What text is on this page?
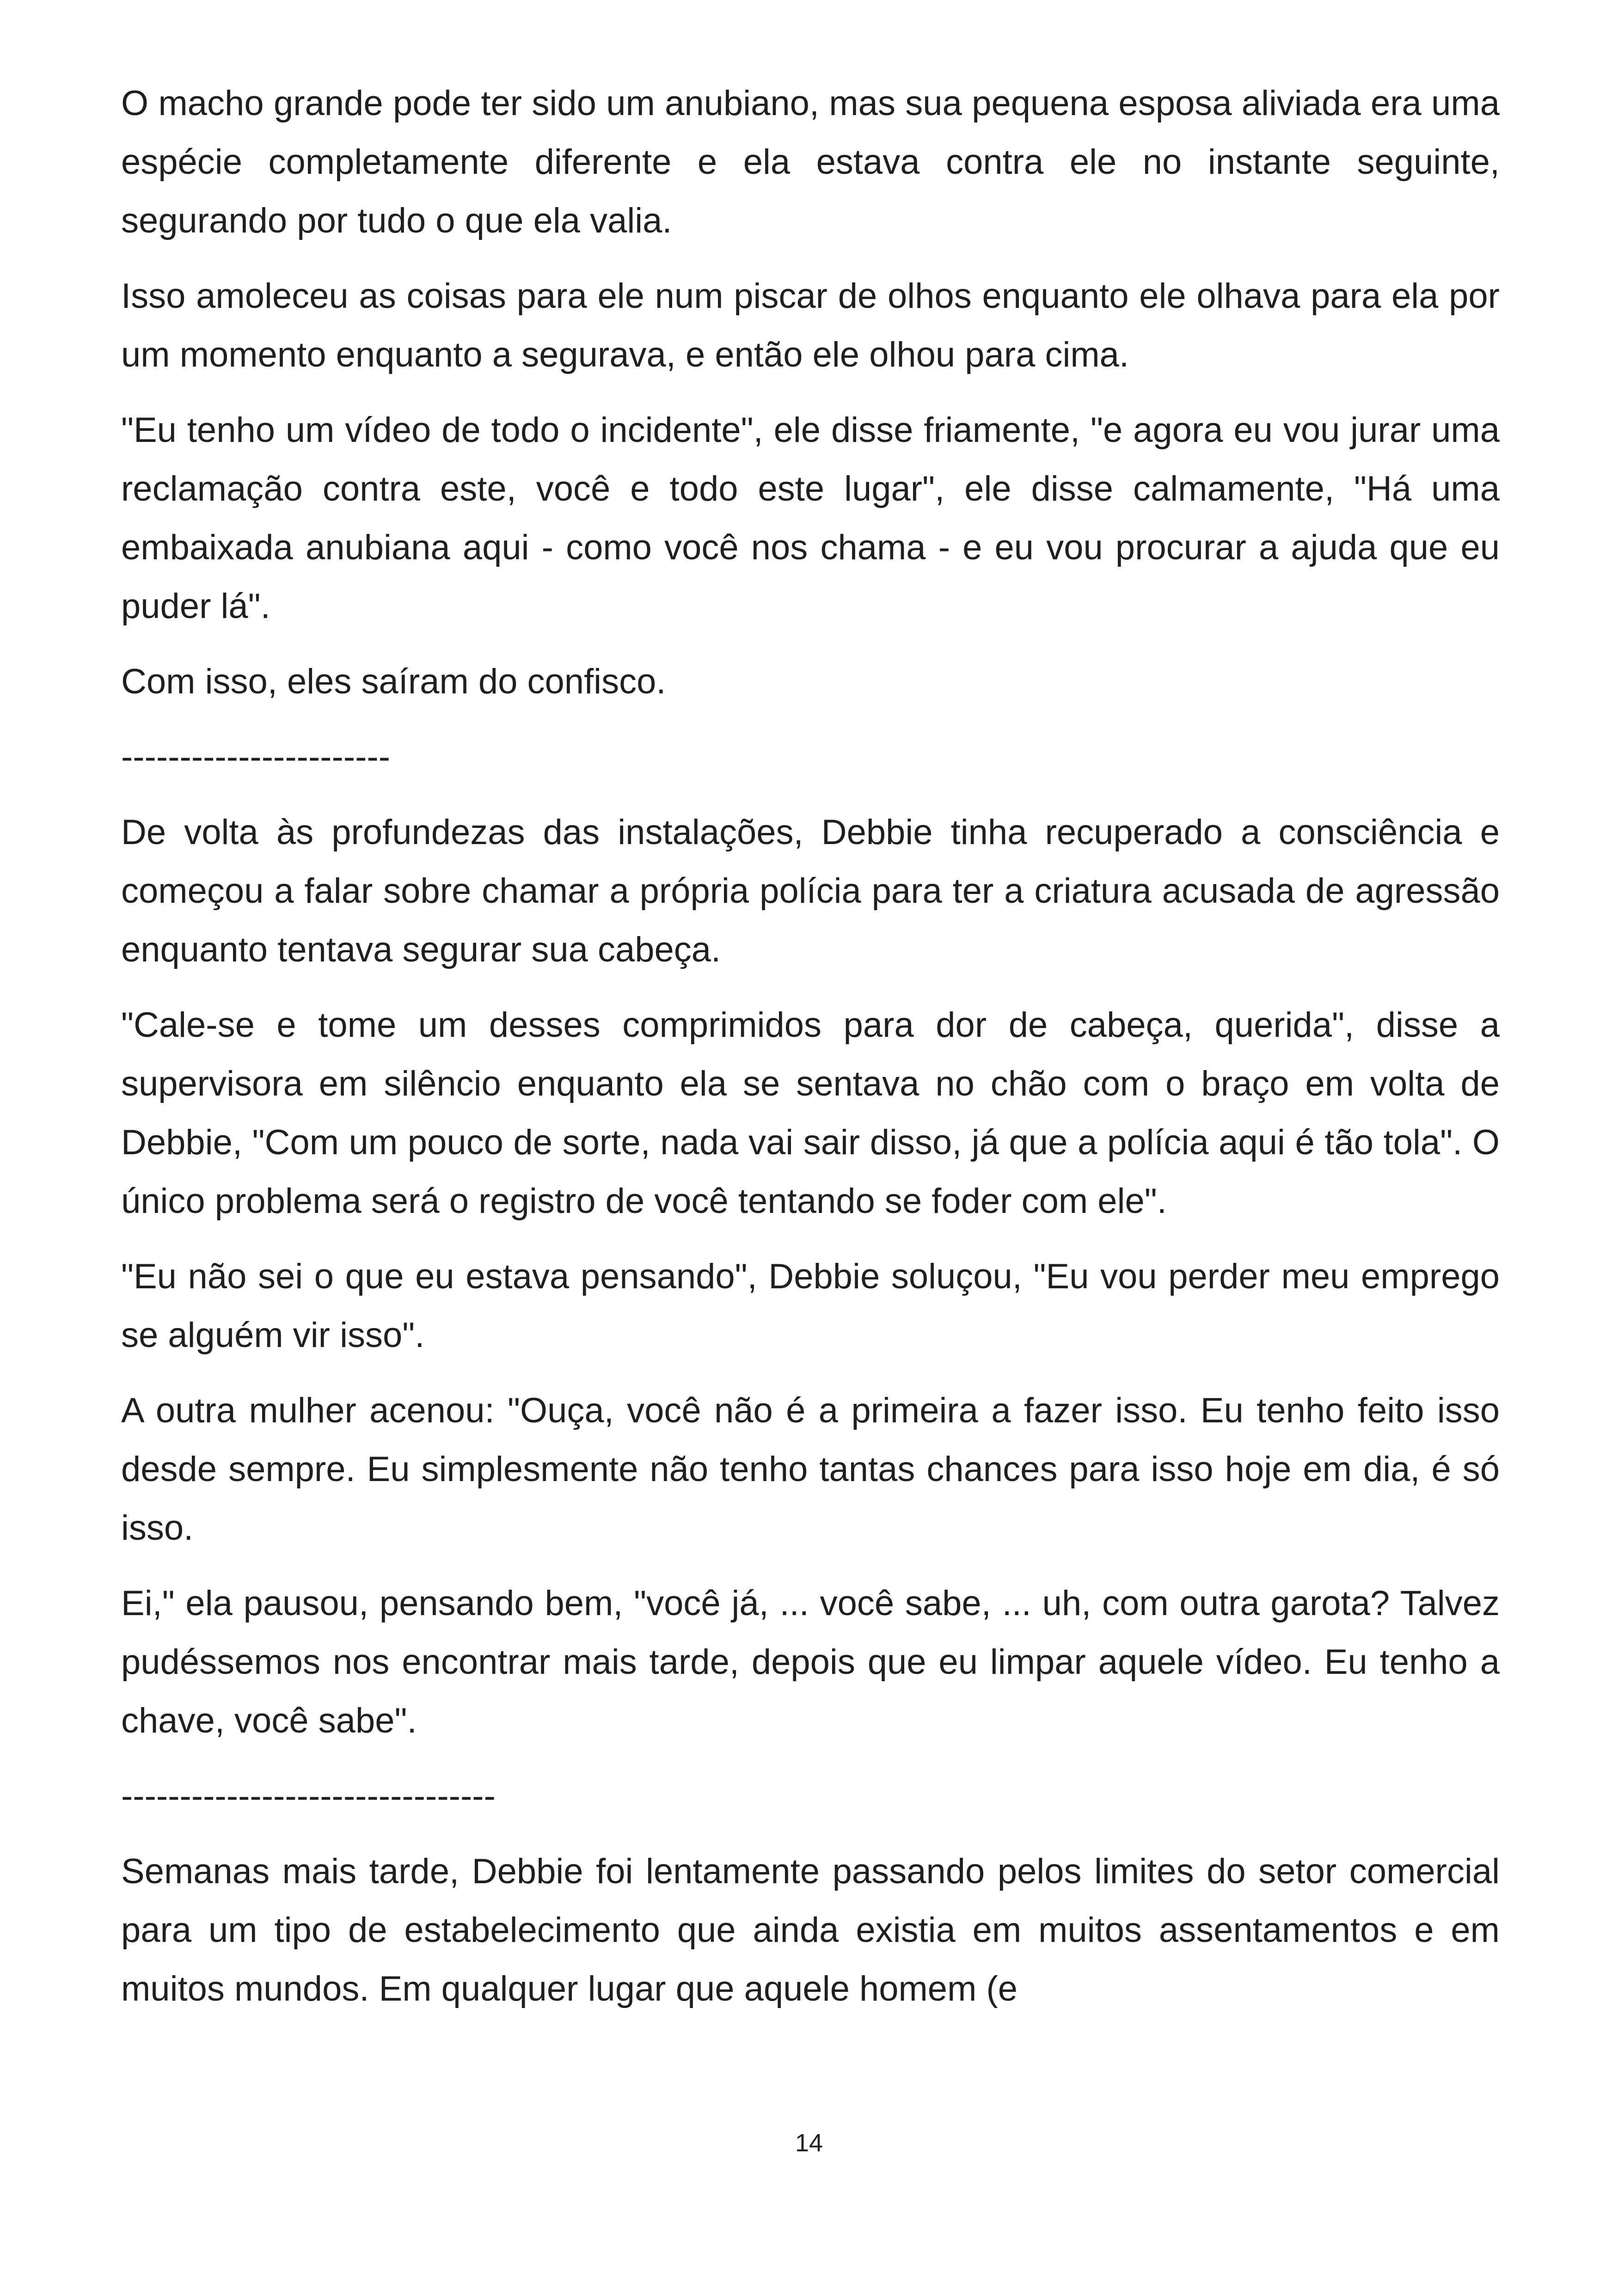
O macho grande pode ter sido um anubiano, mas sua pequena esposa aliviada era uma espécie completamente diferente e ela estava contra ele no instante seguinte, segurando por tudo o que ela valia.

Isso amoleceu as coisas para ele num piscar de olhos enquanto ele olhava para ela por um momento enquanto a segurava, e então ele olhou para cima.

"Eu tenho um vídeo de todo o incidente", ele disse friamente, "e agora eu vou jurar uma reclamação contra este, você e todo este lugar", ele disse calmamente, "Há uma embaixada anubiana aqui - como você nos chama - e eu vou procurar a ajuda que eu puder lá".

Com isso, eles saíram do confisco.

-----------------------

De volta às profundezas das instalações, Debbie tinha recuperado a consciência e começou a falar sobre chamar a própria polícia para ter a criatura acusada de agressão enquanto tentava segurar sua cabeça.

"Cale-se e tome um desses comprimidos para dor de cabeça, querida", disse a supervisora em silêncio enquanto ela se sentava no chão com o braço em volta de Debbie, "Com um pouco de sorte, nada vai sair disso, já que a polícia aqui é tão tola". O único problema será o registro de você tentando se foder com ele".

"Eu não sei o que eu estava pensando", Debbie soluçou, "Eu vou perder meu emprego se alguém vir isso".

A outra mulher acenou: "Ouça, você não é a primeira a fazer isso. Eu tenho feito isso desde sempre. Eu simplesmente não tenho tantas chances para isso hoje em dia, é só isso.

Ei," ela pausou, pensando bem, "você já, ... você sabe, ... uh, com outra garota? Talvez pudéssemos nos encontrar mais tarde, depois que eu limpar aquele vídeo. Eu tenho a chave, você sabe".

--------------------------------

Semanas mais tarde, Debbie foi lentamente passando pelos limites do setor comercial para um tipo de estabelecimento que ainda existia em muitos assentamentos e em muitos mundos. Em qualquer lugar que aquele homem (e

14
